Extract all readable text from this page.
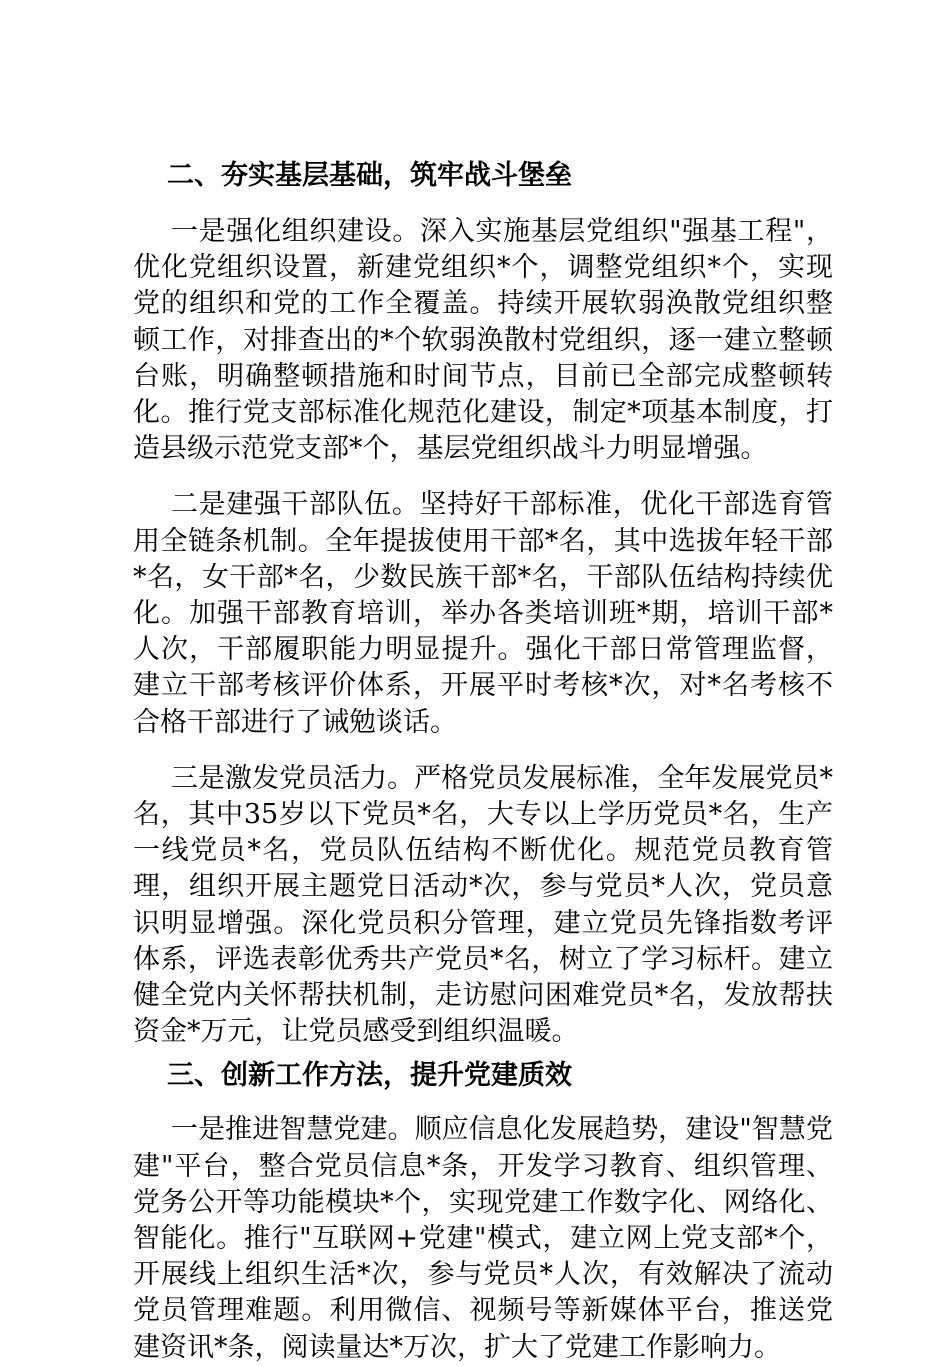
二、夯实基层基础，筑牢战斗堡垒

一是强化组织建设。深入实施基层党组织"强基工程"，优化党组织设置，新建党组织*个，调整党组织*个，实现党的组织和党的工作全覆盖。持续开展软弱涣散党组织整顿工作，对排查出的*个软弱涣散村党组织，逐一建立整顿台账，明确整顿措施和时间节点，目前已全部完成整顿转化。推行党支部标准化规范化建设，制定*项基本制度，打造县级示范党支部*个，基层党组织战斗力明显增强。

二是建强干部队伍。坚持好干部标准，优化干部选育管用全链条机制。全年提拔使用干部*名，其中选拔年轻干部*名，女干部*名，少数民族干部*名，干部队伍结构持续优化。加强干部教育培训，举办各类培训班*期，培训干部*人次，干部履职能力明显提升。强化干部日常管理监督，建立干部考核评价体系，开展平时考核*次，对*名考核不合格干部进行了诫勉谈话。

三是激发党员活力。严格党员发展标准，全年发展党员*名，其中35岁以下党员*名，大专以上学历党员*名，生产一线党员*名，党员队伍结构不断优化。规范党员教育管理，组织开展主题党日活动*次，参与党员*人次，党员意识明显增强。深化党员积分管理，建立党员先锋指数考评体系，评选表彰优秀共产党员*名，树立了学习标杆。建立健全党内关怀帮扶机制，走访慰问困难党员*名，发放帮扶资金*万元，让党员感受到组织温暖。

三、创新工作方法，提升党建质效

一是推进智慧党建。顺应信息化发展趋势，建设"智慧党建"平台，整合党员信息*条，开发学习教育、组织管理、党务公开等功能模块*个，实现党建工作数字化、网络化、智能化。推行"互联网+党建"模式，建立网上党支部*个，开展线上组织生活*次，参与党员*人次，有效解决了流动党员管理难题。利用微信、视频号等新媒体平台，推送党建资讯*条，阅读量达*万次，扩大了党建工作影响力。
